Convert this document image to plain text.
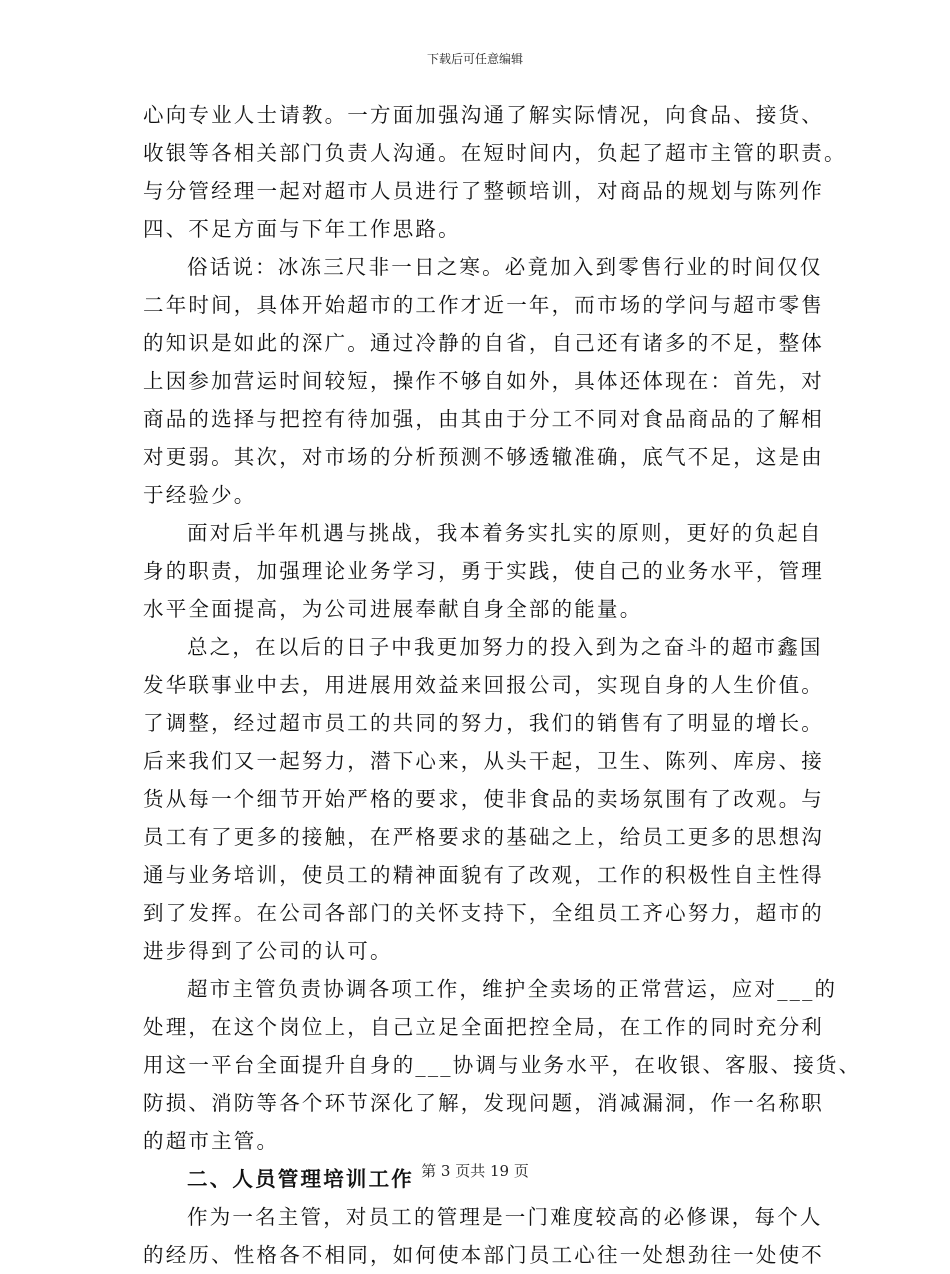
下载后可任意编辑
心向专业人士请教。一方面加强沟通了解实际情况，向食品、接货、
收银等各相关部门负责人沟通。在短时间内，负起了超市主管的职责。
与分管经理一起对超市人员进行了整顿培训，对商品的规划与陈列作
四、不足方面与下年工作思路。
俗话说：冰冻三尺非一日之寒。必竟加入到零售行业的时间仅仅
二年时间，具体开始超市的工作才近一年，而市场的学问与超市零售
的知识是如此的深广。通过冷静的自省，自己还有诸多的不足，整体
上因参加营运时间较短，操作不够自如外，具体还体现在：首先，对
商品的选择与把控有待加强，由其由于分工不同对食品商品的了解相
对更弱。其次，对市场的分析预测不够透辙准确，底气不足，这是由
于经验少。
面对后半年机遇与挑战，我本着务实扎实的原则，更好的负起自
身的职责，加强理论业务学习，勇于实践，使自己的业务水平，管理
水平全面提高，为公司进展奉献自身全部的能量。
总之，在以后的日子中我更加努力的投入到为之奋斗的超市鑫国
发华联事业中去，用进展用效益来回报公司，实现自身的人生价值。
了调整，经过超市员工的共同的努力，我们的销售有了明显的增长。
后来我们又一起努力，潜下心来，从头干起，卫生、陈列、库房、接
货从每一个细节开始严格的要求，使非食品的卖场氛围有了改观。与
员工有了更多的接触，在严格要求的基础之上，给员工更多的思想沟
通与业务培训，使员工的精神面貌有了改观，工作的积极性自主性得
到了发挥。在公司各部门的关怀支持下，全组员工齐心努力，超市的
进步得到了公司的认可。
超市主管负责协调各项工作，维护全卖场的正常营运，应对___的
处理，在这个岗位上，自己立足全面把控全局，在工作的同时充分利
用这一平台全面提升自身的___协调与业务水平，在收银、客服、接货、
防损、消防等各个环节深化了解，发现问题，消减漏洞，作一名称职
的超市主管。
二、人员管理培训工作
作为一名主管，对员工的管理是一门难度较高的必修课，每个人
的经历、性格各不相同，如何使本部门员工心往一处想劲往一处使不
第 3 页共 19 页
